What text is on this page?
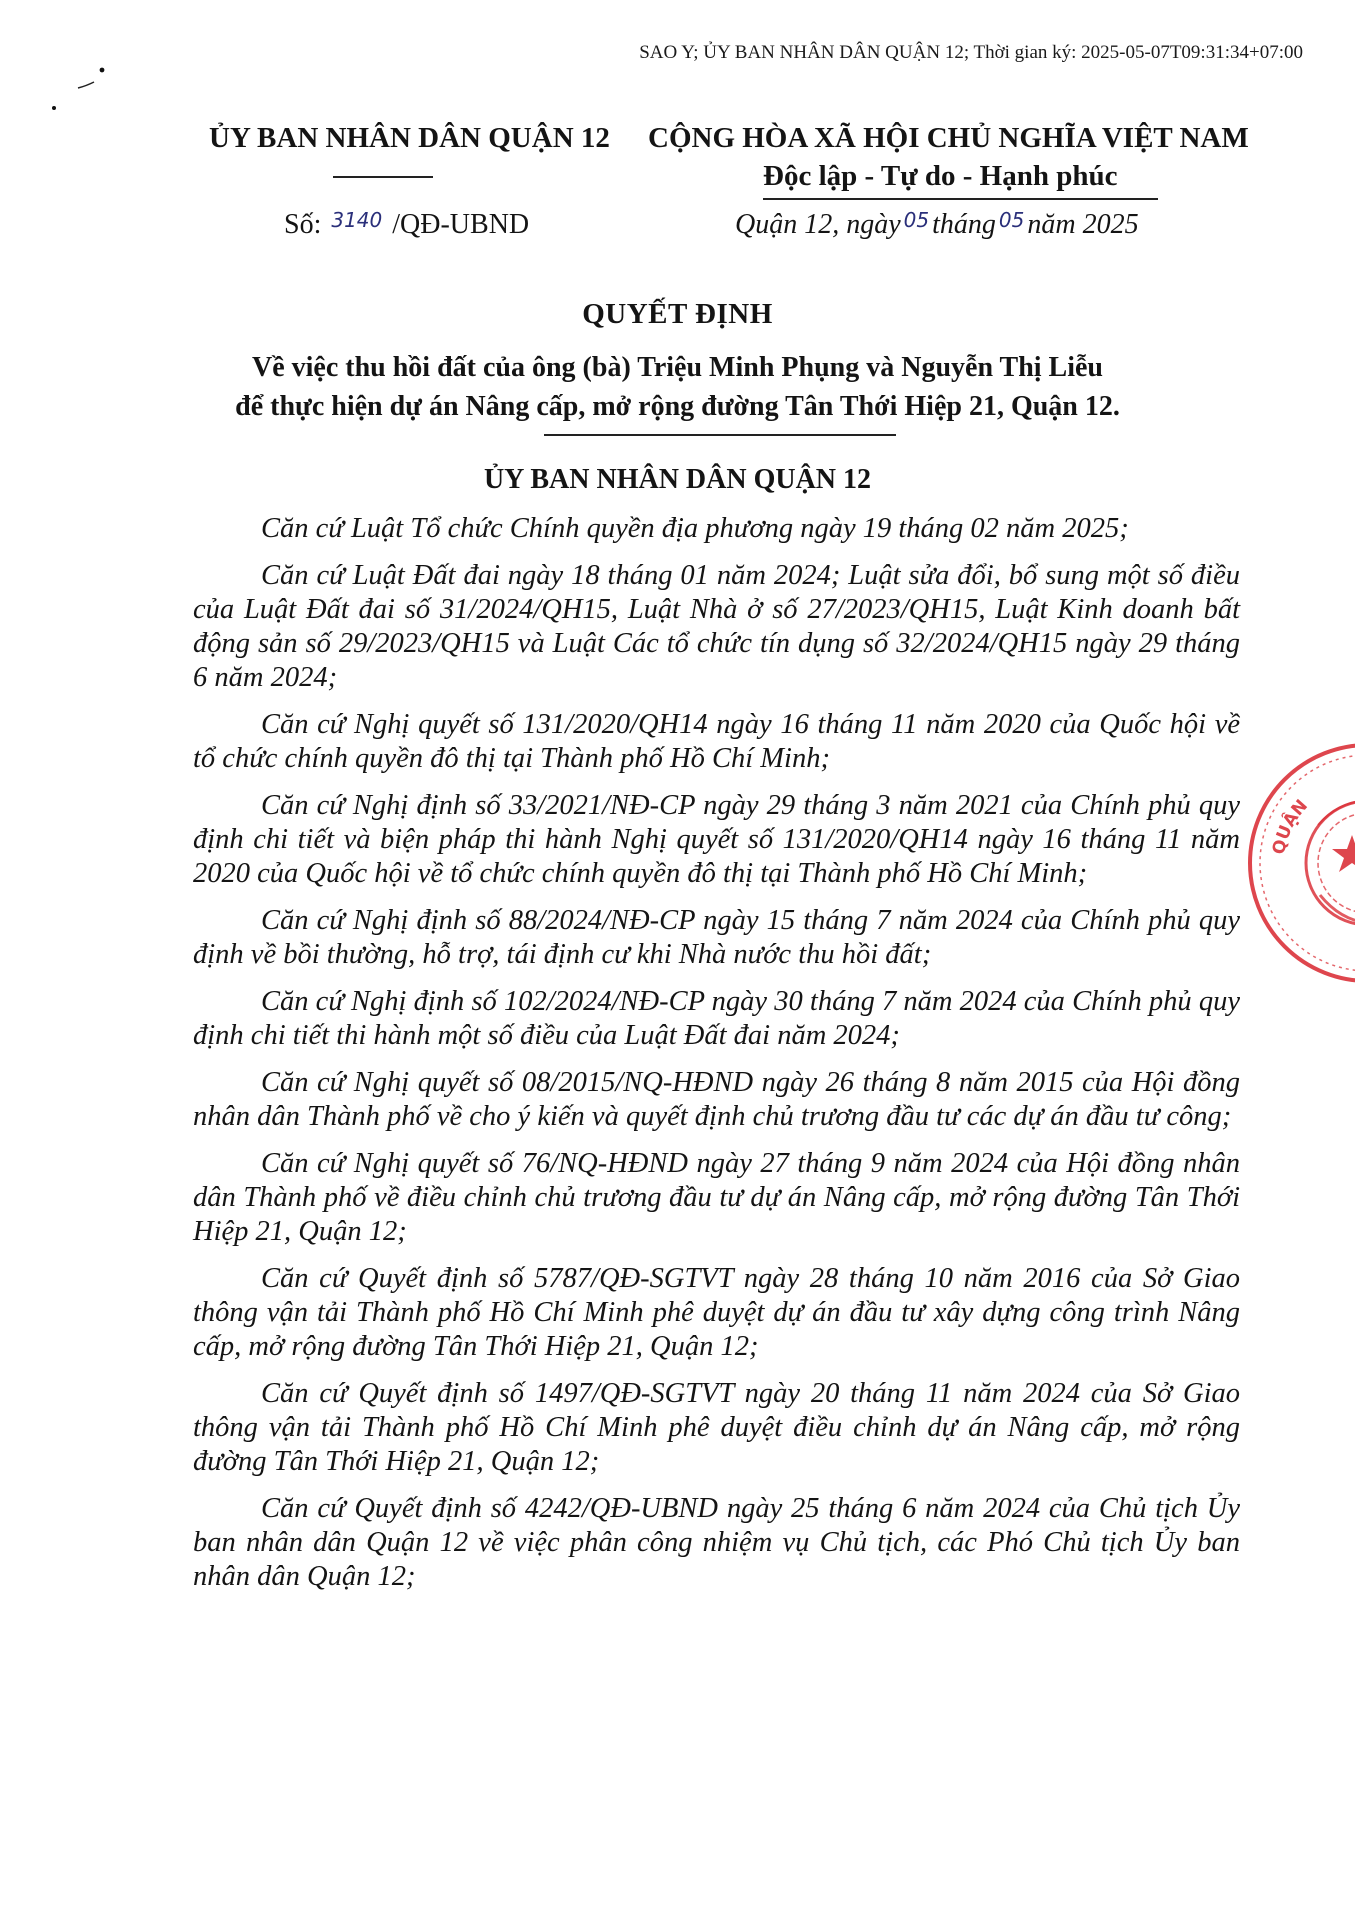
SAO Y; ỦY BAN NHÂN DÂN QUẬN 12; Thời gian ký: 2025-05-07T09:31:34+07:00
ỦY BAN NHÂN DÂN QUẬN 12	CỘNG HÒA XÃ HỘI CHỦ NGHĨA VIỆT NAM
Độc lập - Tự do - Hạnh phúc
Số: $^{3140}$ /QĐ-UBND	Quận 12, ngày $^{05}$ tháng $^{05}$ năm 2025
QUYẾT ĐỊNH
Về việc thu hồi đất của ông (bà) Triệu Minh Phụng và Nguyễn Thị Liễu
để thực hiện dự án Nâng cấp, mở rộng đường Tân Thới Hiệp 21, Quận 12.
ỦY BAN NHÂN DÂN QUẬN 12

Căn cứ Luật Tổ chức Chính quyền địa phương ngày 19 tháng 02 năm 2025;

Căn cứ Luật Đất đai ngày 18 tháng 01 năm 2024; Luật sửa đổi, bổ sung một số điều của Luật Đất đai số 31/2024/QH15, Luật Nhà ở số 27/2023/QH15, Luật Kinh doanh bất động sản số 29/2023/QH15 và Luật Các tổ chức tín dụng số 32/2024/QH15 ngày 29 tháng 6 năm 2024;

Căn cứ Nghị quyết số 131/2020/QH14 ngày 16 tháng 11 năm 2020 của Quốc hội về tổ chức chính quyền đô thị tại Thành phố Hồ Chí Minh;

Căn cứ Nghị định số 33/2021/NĐ-CP ngày 29 tháng 3 năm 2021 của Chính phủ quy định chi tiết và biện pháp thi hành Nghị quyết số 131/2020/QH14 ngày 16 tháng 11 năm 2020 của Quốc hội về tổ chức chính quyền đô thị tại Thành phố Hồ Chí Minh;

Căn cứ Nghị định số 88/2024/NĐ-CP ngày 15 tháng 7 năm 2024 của Chính phủ quy định về bồi thường, hỗ trợ, tái định cư khi Nhà nước thu hồi đất;

Căn cứ Nghị định số 102/2024/NĐ-CP ngày 30 tháng 7 năm 2024 của Chính phủ quy định chi tiết thi hành một số điều của Luật Đất đai năm 2024;

Căn cứ Nghị quyết số 08/2015/NQ-HĐND ngày 26 tháng 8 năm 2015 của Hội đồng nhân dân Thành phố về cho ý kiến và quyết định chủ trương đầu tư các dự án đầu tư công;

Căn cứ Nghị quyết số 76/NQ-HĐND ngày 27 tháng 9 năm 2024 của Hội đồng nhân dân Thành phố về điều chỉnh chủ trương đầu tư dự án Nâng cấp, mở rộng đường Tân Thới Hiệp 21, Quận 12;

Căn cứ Quyết định số 5787/QĐ-SGTVT ngày 28 tháng 10 năm 2016 của Sở Giao thông vận tải Thành phố Hồ Chí Minh phê duyệt dự án đầu tư xây dựng công trình Nâng cấp, mở rộng đường Tân Thới Hiệp 21, Quận 12;

Căn cứ Quyết định số 1497/QĐ-SGTVT ngày 20 tháng 11 năm 2024 của Sở Giao thông vận tải Thành phố Hồ Chí Minh phê duyệt điều chỉnh dự án Nâng cấp, mở rộng đường Tân Thới Hiệp 21, Quận 12;

Căn cứ Quyết định số 4242/QĐ-UBND ngày 25 tháng 6 năm 2024 của Chủ tịch Ủy ban nhân dân Quận 12 về việc phân công nhiệm vụ Chủ tịch, các Phó Chủ tịch Ủy ban nhân dân Quận 12;

QUẬN
